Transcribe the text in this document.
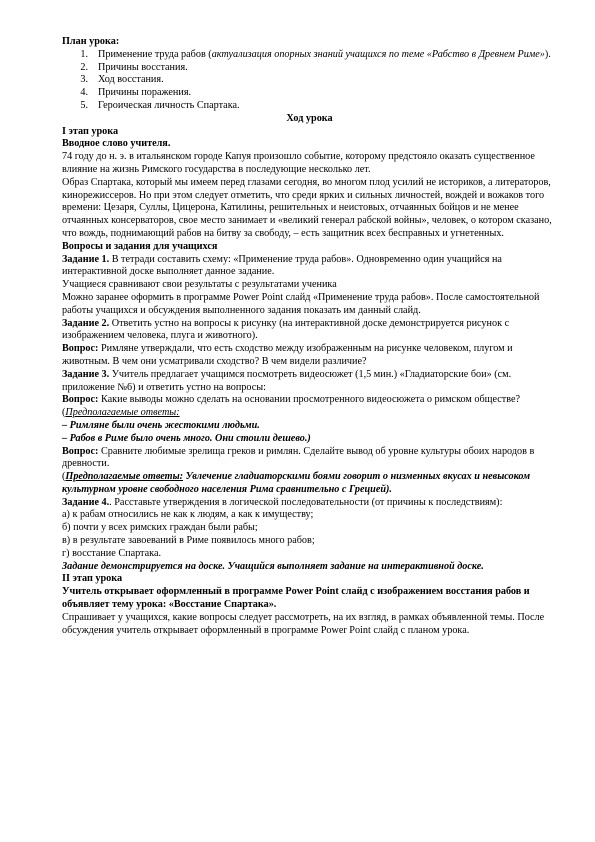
План урока:

1. Применение труда рабов (актуализация опорных знаний учащихся по теме «Рабство в Древнем Риме»).
2. Причины восстания.
3. Ход восстания.
4. Причины поражения.
5. Героическая личность Спартака.

Ход урока

I этап урока

Вводное слово учителя.

74 году до н. э. в итальянском городе Капуя произошло событие, которому предстояло оказать существенное влияние на жизнь Римского государства в последующие несколько лет.

Образ Спартака, который мы имеем перед глазами сегодня, во многом плод усилий не историков, а литераторов, кинорежиссеров. Но при этом следует отметить, что среди ярких и сильных личностей, вождей и вожаков того времени: Цезаря, Суллы, Цицерона, Катилины, решительных и неистовых, отчаянных бойцов и не менее отчаянных консерваторов, свое место занимает и «великий генерал рабской войны», человек, о котором сказано, что вождь, поднимающий рабов на битву за свободу, – есть защитник всех бесправных и угнетенных.

Вопросы и задания для учащихся

Задание 1. В тетради составить схему: «Применение труда рабов». Одновременно один учащийся на интерактивной доске выполняет данное задание.

Учащиеся сравнивают свои результаты с результатами ученика

Можно заранее оформить в программе Power Point слайд «Применение труда рабов». После самостоятельной работы учащихся и обсуждения выполненного задания показать им данный слайд.

Задание 2. Ответить устно на вопросы к рисунку (на интерактивной доске демонстрируется рисунок с изображением человека, плуга и животного).

Вопрос: Римляне утверждали, что есть сходство между изображенным на рисунке человеком, плугом и животным. В чем они усматривали сходство? В чем видели различие?

Задание 3. Учитель предлагает учащимся посмотреть видеосюжет (1,5 мин.) «Гладиаторские бои» (см. приложение №6) и ответить устно на вопросы:

Вопрос: Какие выводы можно сделать на основании просмотренного видеосюжета о римском обществе?

(Предполагаемые ответы:

– Римляне были очень жестокими людьми.

– Рабов в Риме было очень много. Они стоили дешево.)

Вопрос: Сравните любимые зрелища греков и римлян. Сделайте вывод об уровне культуры обоих народов в древности.

(Предполагаемые ответы: Увлечение гладиаторскими боями говорит о низменных вкусах и невысоком культурном уровне свободного населения Рима сравнительно с Грецией).

Задание 4.. Расставьте утверждения в логической последовательности (от причины к последствиям):

а) к рабам относились не как к людям, а как к имуществу;

б) почти у всех римских граждан были рабы;

в) в результате завоеваний в Риме появилось много рабов;

г) восстание Спартака.

Задание демонстрируется на доске. Учащийся выполняет задание на интерактивной доске.

II этап урока

Учитель открывает оформленный в программе Power Point слайд с изображением восстания рабов и объявляет тему урока: «Восстание Спартака».

Спрашивает у учащихся, какие вопросы следует рассмотреть, на их взгляд, в рамках объявленной темы. После обсуждения учитель открывает оформленный в программе Power Point слайд с планом урока.
